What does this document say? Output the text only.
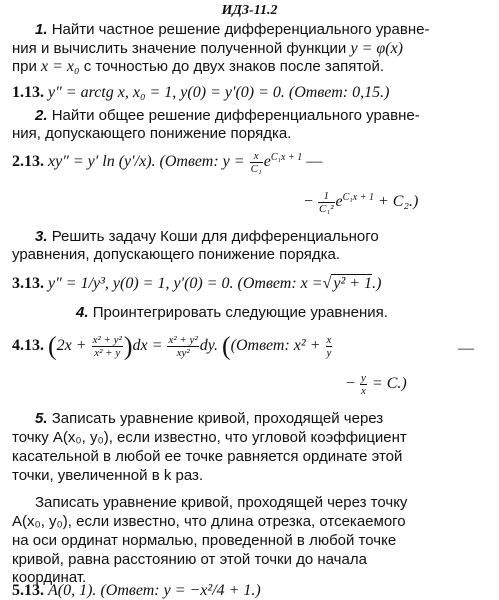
ИДЗ-11.2
1. Найти частное решение дифференциального уравне-
ния и вычислить значение полученной функции y = φ(x)
при x = x₀ с точностью до двух знаков после запятой.
1.13. y″ = arctg x, x₀ = 1, y(0) = y′(0) = 0. (Ответ: 0,15.)
2. Найти общее решение дифференциального уравне-
ния, допускающего понижение порядка.
2.13. xy″ = y′ ln (y′/x). (Ответ: $y = \frac{x}{\text{C₁}} e^{C_1x + 1}$ —
− $\frac{1}{\text{C₁²}} e^{C_1x + 1} + C_2$.)
3. Решить задачу Коши для дифференциального
уравнения, допускающего понижение порядка.
3.13. y″ = 1/y³, y(0) = 1, y′(0) = 0. (Ответ: x =√ y² + 1.)
4. Проинтегрировать следующие уравнения.
4.13. $(2x + \frac{\text{x² + y²}}{\text{x² + y}} )dx = \frac{\text{x² + y²}}{\text{xy²}}$ dy. ((Ответ: $x^2 + \frac{x}{y}$	—
− $\frac{y}{x} = C$.)
5. Записать уравнение кривой, проходящей через
точку A(x₀, y₀), если известно, что угловой коэффициент
касательной в любой ее точке равняется ординате этой
точки, увеличенной в k раз.
Записать уравнение кривой, проходящей через точку
A(x₀, y₀), если известно, что длина отрезка, отсекаемого
на оси ординат нормалью, проведенной в любой точке
кривой, равна расстоянию от этой точки до начала
координат.
5.13. A(0, 1). (Ответ: y = −x²/4 + 1.)
